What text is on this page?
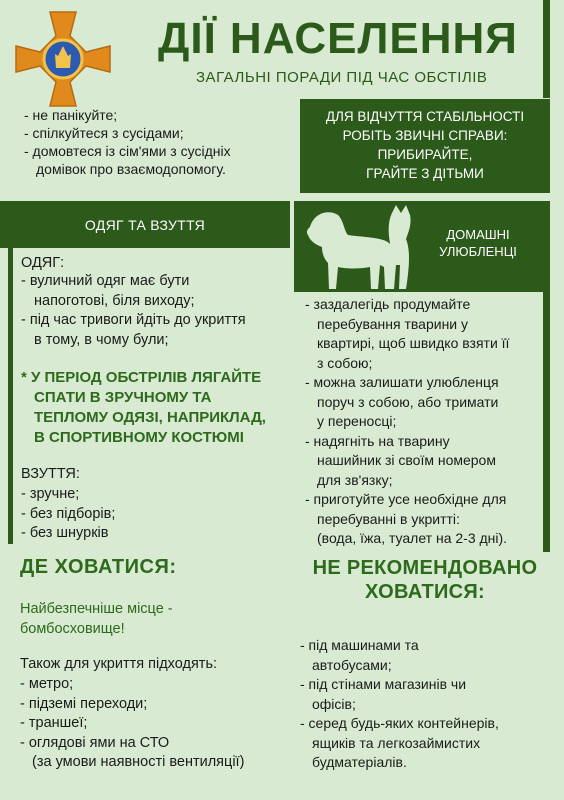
ДІЇ НАСЕЛЕННЯ
ЗАГАЛЬНІ ПОРАДИ ПІД ЧАС ОБСТІЛІВ
- не панікуйте;
- спілкуйтеся з сусідами;
- домовтеся із сім'ями з сусідніх
домівок про взаємодопомогу.
ДЛЯ ВІДЧУТТЯ СТАБІЛЬНОСТІ
РОБІТЬ ЗВИЧНІ СПРАВИ:
ПРИБИРАЙТЕ,
ГРАЙТЕ З ДІТЬМИ
ОДЯГ ТА ВЗУТТЯ
ДОМАШНІ
УЛЮБЛЕНЦІ
ОДЯГ:
- вуличний одяг має бути
напоготові, біля виходу;
- під час тривоги йдіть до укриття
в тому, в чому були;
* У ПЕРІОД ОБСТРІЛІВ ЛЯГАЙТЕ
СПАТИ В ЗРУЧНОМУ ТА
ТЕПЛОМУ ОДЯЗІ, НАПРИКЛАД,
В СПОРТИВНОМУ КОСТЮМІ
ВЗУТТЯ:
- зручне;
- без підборів;
- без шнурків
- заздалегідь продумайте
перебування тварини у
квартирі, щоб швидко взяти її
з собою;
- можна залишати улюбленця
поруч з собою, або тримати
у переносці;
- надягніть на тварину
нашийник зі своїм номером
для зв'язку;
- приготуйте усе необхідне для
перебуванні в укритті:
(вода, їжа, туалет на 2-3 дні).
ДЕ ХОВАТИСЯ:
Найбезпечніше місце -
бомбосховище!
Також для укриття підходять:
- метро;
- підземі переходи;
- траншеї;
- оглядові ями на СТО
(за умови наявності вентиляції)
НЕ РЕКОМЕНДОВАНО
ХОВАТИСЯ:
- під машинами та
автобусами;
- під стінами магазинів чи
офісів;
- серед будь-яких контейнерів,
ящиків та легкозаймистих
будматеріалів.
